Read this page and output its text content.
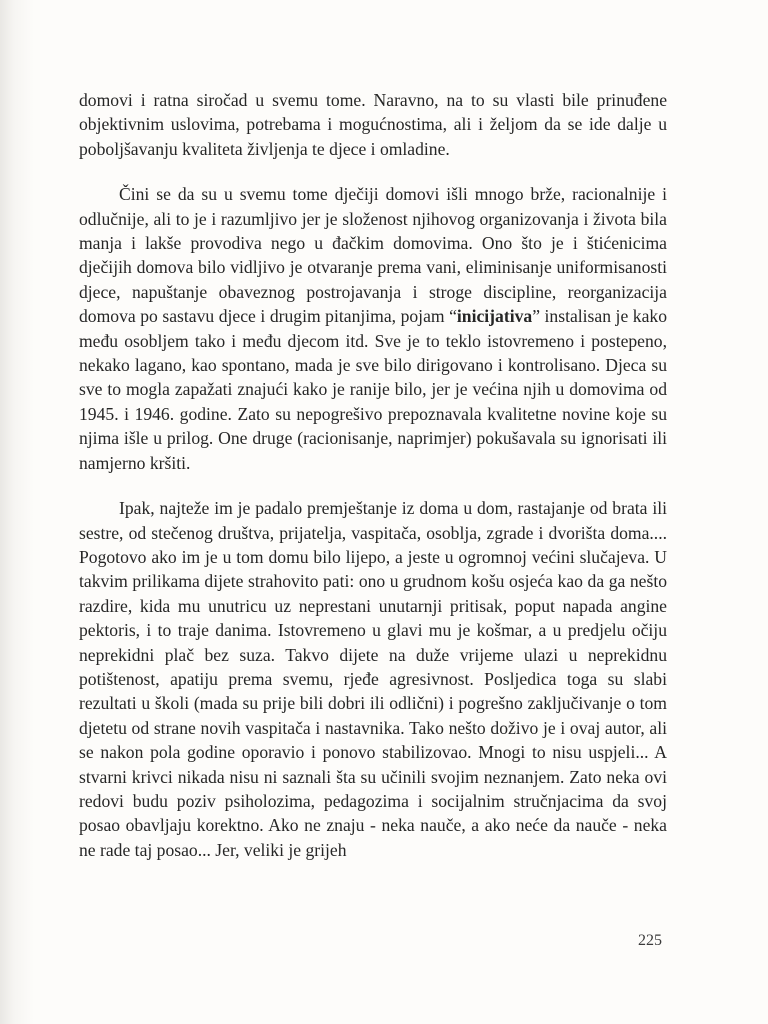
domovi i ratna siročad u svemu tome. Naravno, na to su vlasti bile prinuđene objektivnim uslovima, potrebama i mogućnostima, ali i željom da se ide dalje u poboljšavanju kvaliteta življenja te djece i omladine.

Čini se da su u svemu tome dječiji domovi išli mnogo brže, racionalnije i odlučnije, ali to je i razumljivo jer je složenost njihovog organizovanja i života bila manja i lakše provodiva nego u đačkim domovima. Ono što je i štićenicima dječijih domova bilo vidljivo je otvaranje prema vani, eliminisanje uniformisanosti djece, napuštanje obaveznog postrojavanja i stroge discipline, reorganizacija domova po sastavu djece i drugim pitanjima, pojam “inicijativa” instalisan je kako među osobljem tako i među djecom itd. Sve je to teklo istovremeno i postepeno, nekako lagano, kao spontano, mada je sve bilo dirigovano i kontrolisano. Djeca su sve to mogla zapažati znajući kako je ranije bilo, jer je većina njih u domovima od 1945. i 1946. godine. Zato su nepogrešivo prepoznavala kvalitetne novine koje su njima išle u prilog. One druge (racionisanje, naprimjer) pokušavala su ignorisati ili namjerno kršiti.

Ipak, najteže im je padalo premještanje iz doma u dom, rastajanje od brata ili sestre, od stečenog društva, prijatelja, vaspitača, osoblja, zgrade i dvorišta doma.... Pogotovo ako im je u tom domu bilo lijepo, a jeste u ogromnoj većini slučajeva. U takvim prilikama dijete strahovito pati: ono u grudnom košu osjeća kao da ga nešto razdire, kida mu unutricu uz neprestani unutarnji pritisak, poput napada angine pektoris, i to traje danima. Istovremeno u glavi mu je košmar, a u predjelu očiju neprekidni plač bez suza. Takvo dijete na duže vrijeme ulazi u neprekidnu potištenost, apatiju prema svemu, rjeđe agresivnost. Posljedica toga su slabi rezultati u školi (mada su prije bili dobri ili odlični) i pogrešno zaključivanje o tom djetetu od strane novih vaspitača i nastavnika. Tako nešto doživo je i ovaj autor, ali se nakon pola godine oporavio i ponovo stabilizovao. Mnogi to nisu uspjeli... A stvarni krivci nikada nisu ni saznali šta su učinili svojim neznanjem. Zato neka ovi redovi budu poziv psiholozima, pedagozima i socijalnim stručnjacima da svoj posao obavljaju korektno. Ako ne znaju - neka nauče, a ako neće da nauče - neka ne rade taj posao... Jer, veliki je grijeh

225
